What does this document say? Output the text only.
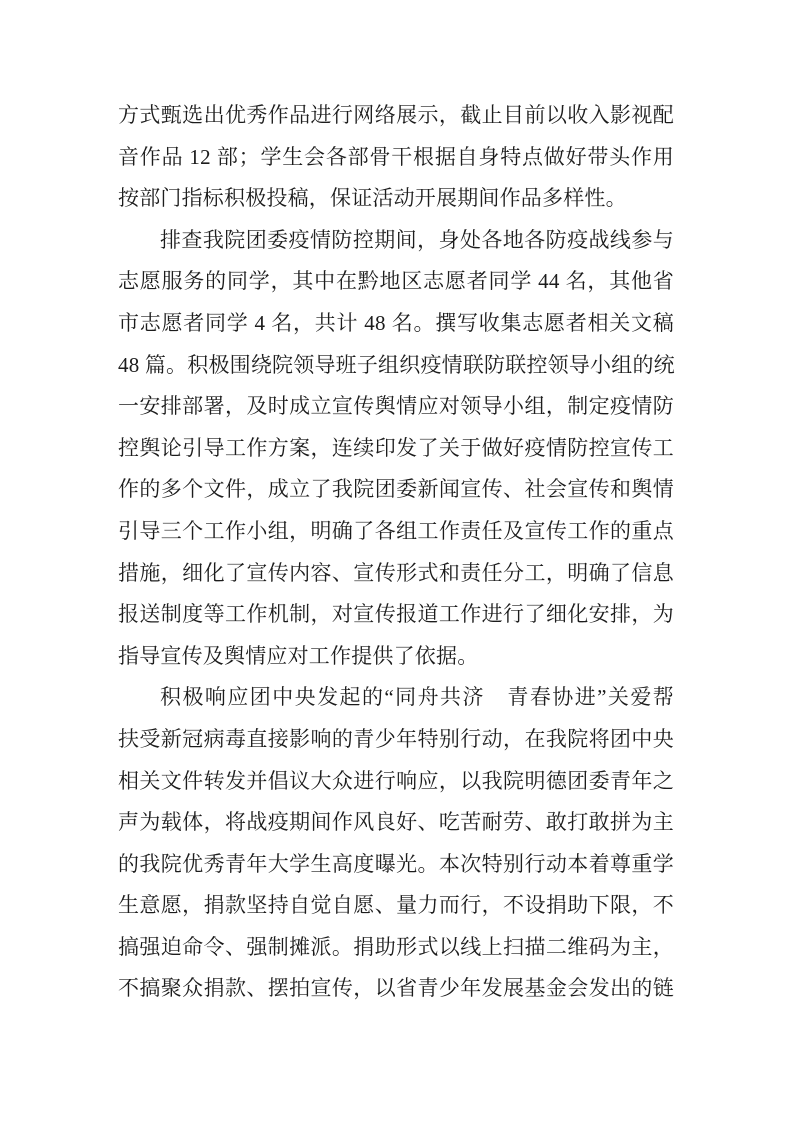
方式甄选出优秀作品进行网络展示，截止目前以收入影视配
音作品 12 部；学生会各部骨干根据自身特点做好带头作用
按部门指标积极投稿，保证活动开展期间作品多样性。
排查我院团委疫情防控期间，身处各地各防疫战线参与
志愿服务的同学，其中在黔地区志愿者同学 44 名，其他省
市志愿者同学 4 名，共计 48 名。撰写收集志愿者相关文稿
48 篇。积极围绕院领导班子组织疫情联防联控领导小组的统
一安排部署，及时成立宣传舆情应对领导小组，制定疫情防
控舆论引导工作方案，连续印发了关于做好疫情防控宣传工
作的多个文件，成立了我院团委新闻宣传、社会宣传和舆情
引导三个工作小组，明确了各组工作责任及宣传工作的重点
措施，细化了宣传内容、宣传形式和责任分工，明确了信息
报送制度等工作机制，对宣传报道工作进行了细化安排，为
指导宣传及舆情应对工作提供了依据。
积极响应团中央发起的“同舟共济　青春协进”关爱帮
扶受新冠病毒直接影响的青少年特别行动，在我院将团中央
相关文件转发并倡议大众进行响应，以我院明德团委青年之
声为载体，将战疫期间作风良好、吃苦耐劳、敢打敢拼为主
的我院优秀青年大学生高度曝光。本次特别行动本着尊重学
生意愿，捐款坚持自觉自愿、量力而行，不设捐助下限，不
搞强迫命令、强制摊派。捐助形式以线上扫描二维码为主，
不搞聚众捐款、摆拍宣传，以省青少年发展基金会发出的链
